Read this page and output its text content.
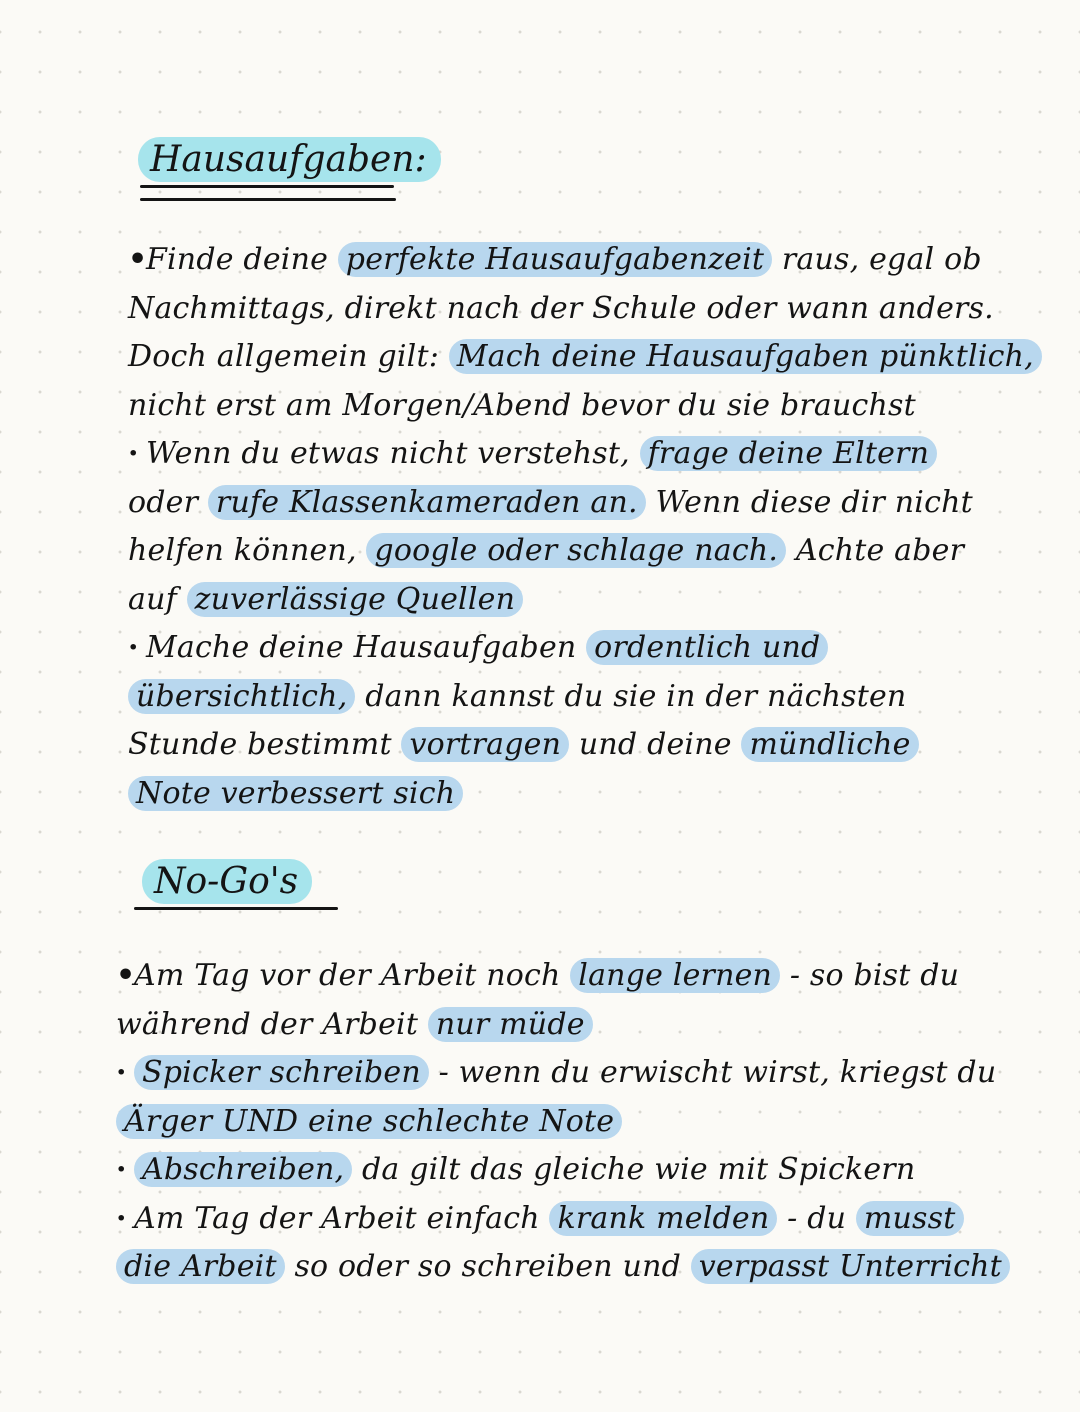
Hausaufgaben:
•Finde deine perfekte Hausaufgabenzeit raus, egal ob
Nachmittags, direkt nach der Schule oder wann anders.
Doch allgemein gilt: Mach deine Hausaufgaben pünktlich,
nicht erst am Morgen/Abend bevor du sie brauchst
· Wenn du etwas nicht verstehst, frage deine Eltern
oder rufe Klassenkameraden an. Wenn diese dir nicht
helfen können, google oder schlage nach. Achte aber
auf zuverlässige Quellen
· Mache deine Hausaufgaben ordentlich und
übersichtlich, dann kannst du sie in der nächsten
Stunde bestimmt vortragen und deine mündliche
Note verbessert sich
No-Go's
•Am Tag vor der Arbeit noch lange lernen - so bist du
während der Arbeit nur müde
· Spicker schreiben - wenn du erwischt wirst, kriegst du
Ärger UND eine schlechte Note
· Abschreiben, da gilt das gleiche wie mit Spickern
· Am Tag der Arbeit einfach krank melden - du musst
die Arbeit so oder so schreiben und verpasst Unterricht
